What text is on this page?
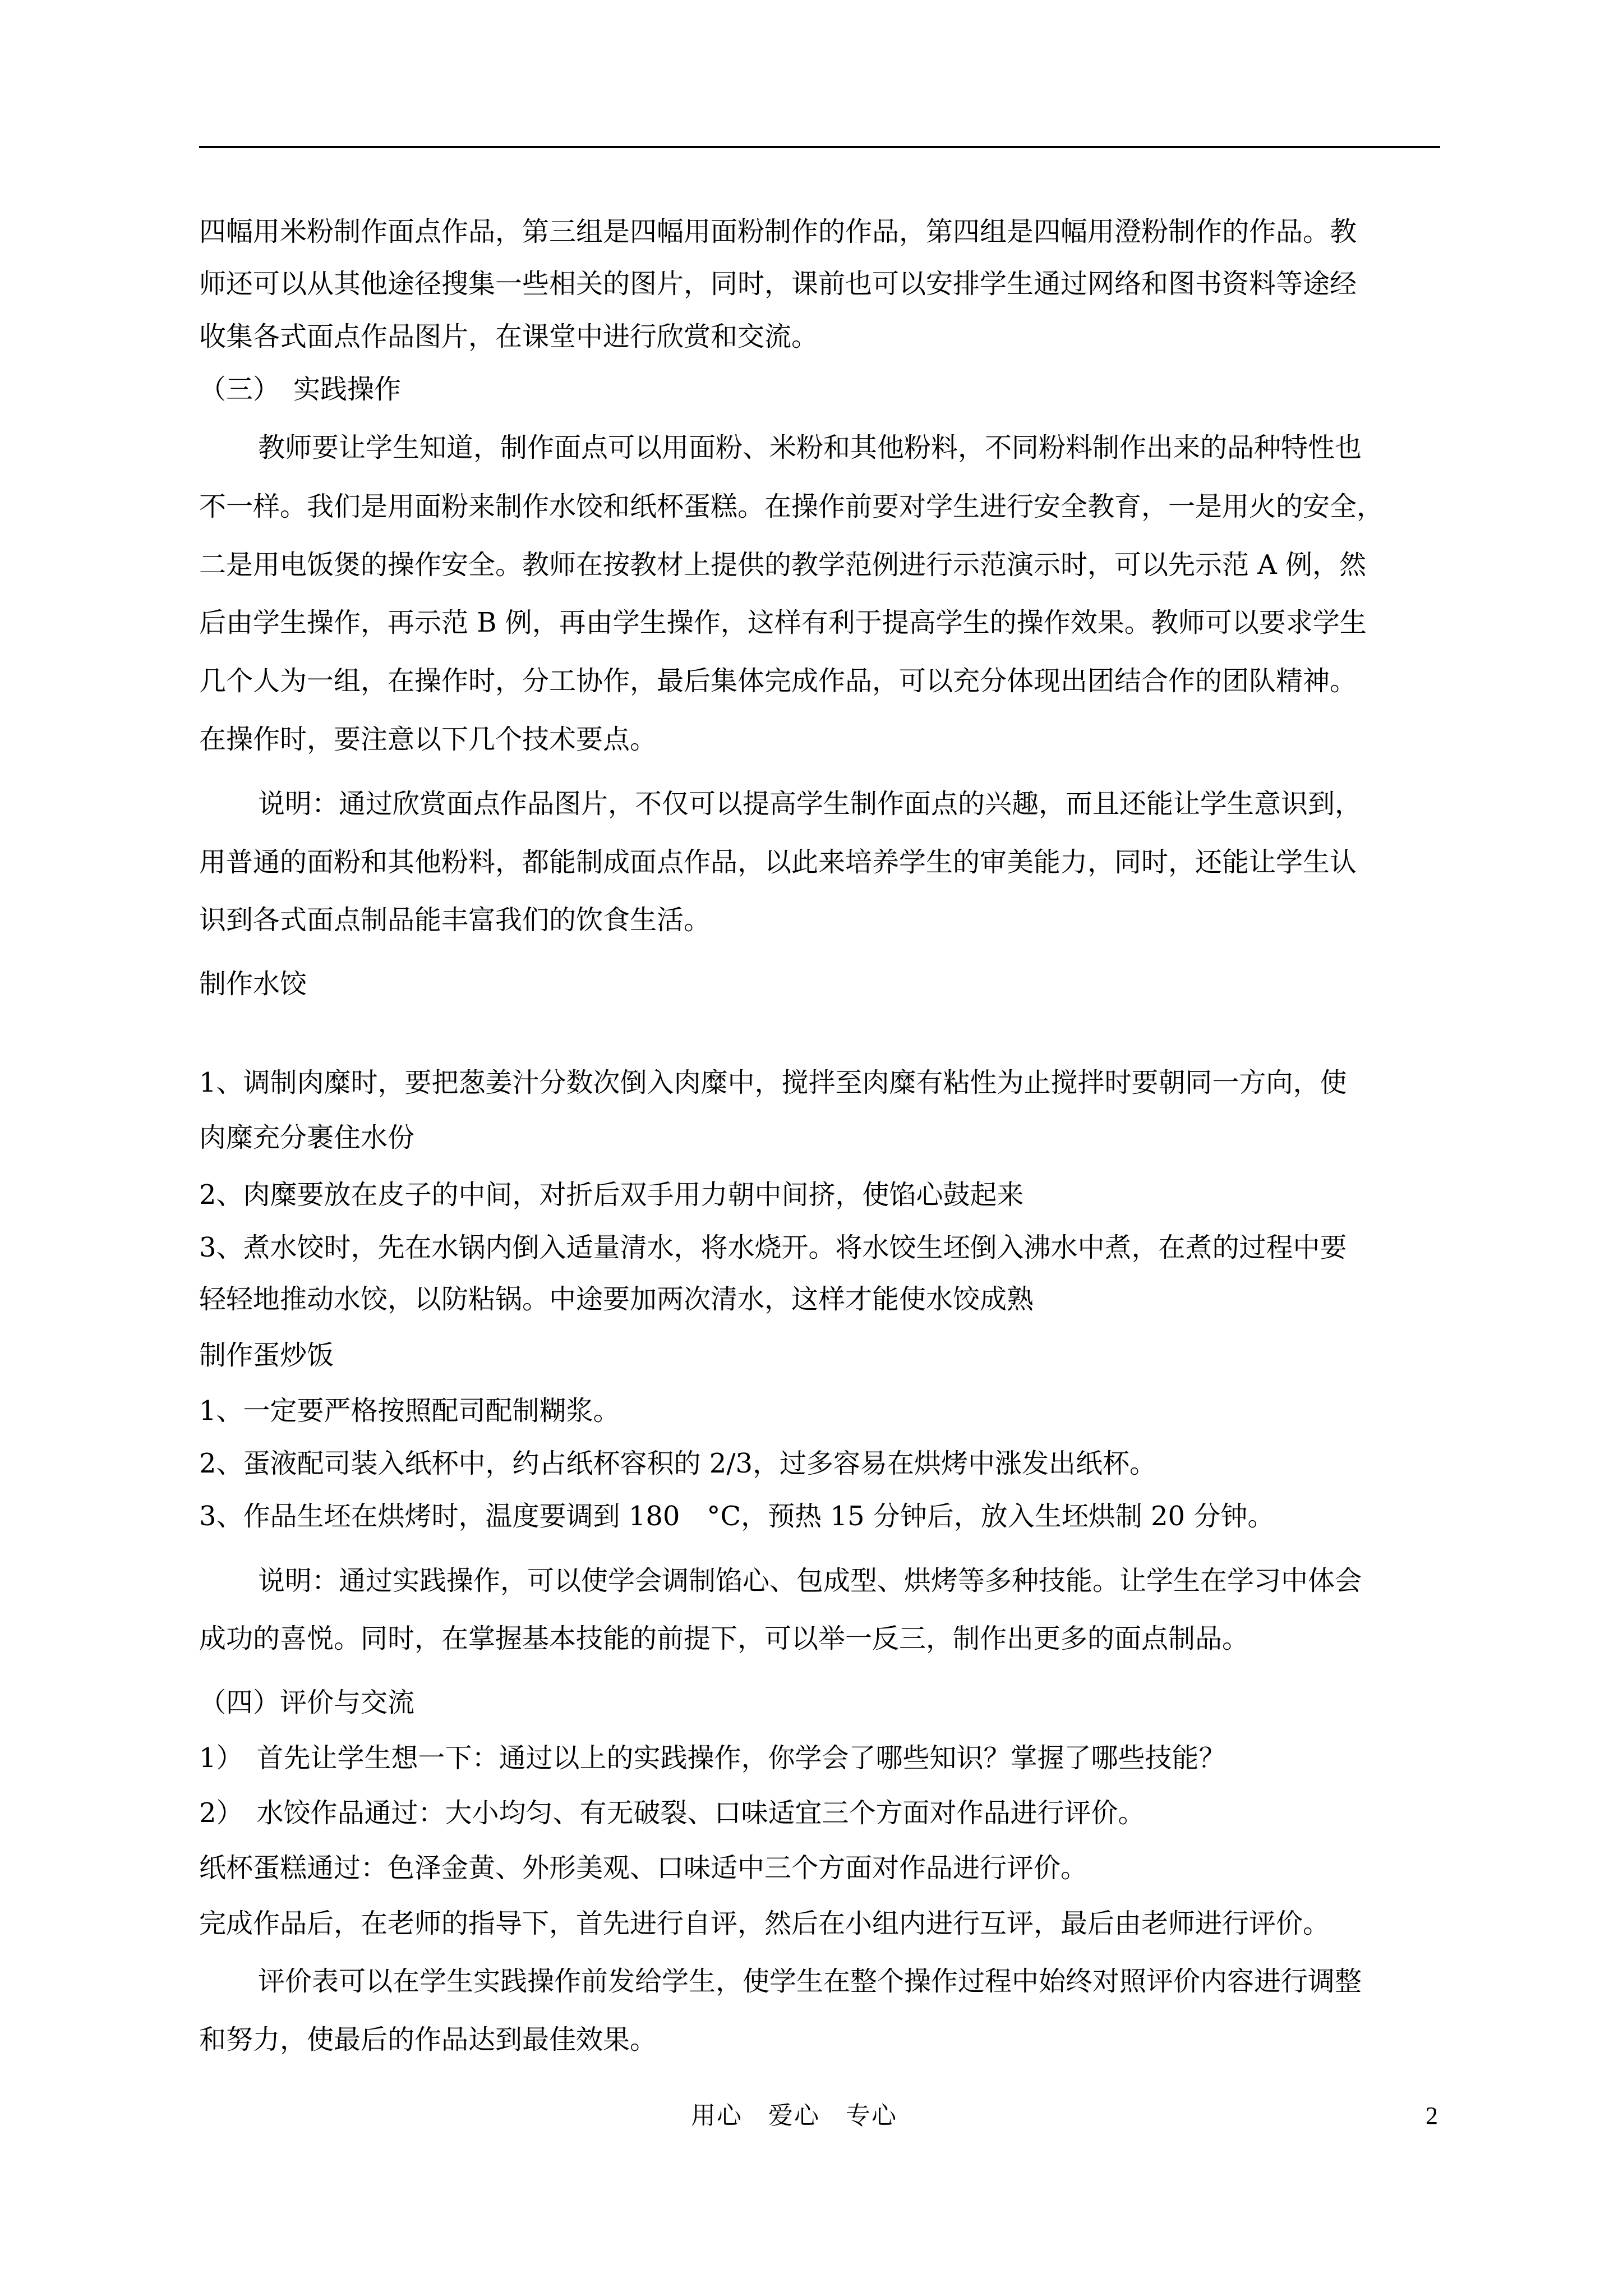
四幅用米粉制作面点作品，第三组是四幅用面粉制作的作品，第四组是四幅用澄粉制作的作品。教

师还可以从其他途径搜集一些相关的图片，同时，课前也可以安排学生通过网络和图书资料等途经

收集各式面点作品图片，在课堂中进行欣赏和交流。

（三）　实践操作

教师要让学生知道，制作面点可以用面粉、米粉和其他粉料，不同粉料制作出来的品种特性也

不一样。我们是用面粉来制作水饺和纸杯蛋糕。在操作前要对学生进行安全教育，一是用火的安全，

二是用电饭煲的操作安全。教师在按教材上提供的教学范例进行示范演示时，可以先示范 A 例，然

后由学生操作，再示范 B 例，再由学生操作，这样有利于提高学生的操作效果。教师可以要求学生

几个人为一组，在操作时，分工协作，最后集体完成作品，可以充分体现出团结合作的团队精神。

在操作时，要注意以下几个技术要点。

说明：通过欣赏面点作品图片，不仅可以提高学生制作面点的兴趣，而且还能让学生意识到，

用普通的面粉和其他粉料，都能制成面点作品，以此来培养学生的审美能力，同时，还能让学生认

识到各式面点制品能丰富我们的饮食生活。

制作水饺

1、调制肉糜时，要把葱姜汁分数次倒入肉糜中，搅拌至肉糜有粘性为止搅拌时要朝同一方向，使

肉糜充分裹住水份

2、肉糜要放在皮子的中间，对折后双手用力朝中间挤，使馅心鼓起来

3、煮水饺时，先在水锅内倒入适量清水，将水烧开。将水饺生坯倒入沸水中煮，在煮的过程中要

轻轻地推动水饺，以防粘锅。中途要加两次清水，这样才能使水饺成熟

制作蛋炒饭

1、一定要严格按照配司配制糊浆。

2、蛋液配司装入纸杯中，约占纸杯容积的 2/3，过多容易在烘烤中涨发出纸杯。

3、作品生坯在烘烤时，温度要调到 180　°C，预热 15 分钟后，放入生坯烘制 20 分钟。

说明：通过实践操作，可以使学会调制馅心、包成型、烘烤等多种技能。让学生在学习中体会

成功的喜悦。同时，在掌握基本技能的前提下，可以举一反三，制作出更多的面点制品。

（四）评价与交流

1）　首先让学生想一下：通过以上的实践操作，你学会了哪些知识？掌握了哪些技能？

2）　水饺作品通过：大小均匀、有无破裂、口味适宜三个方面对作品进行评价。

纸杯蛋糕通过：色泽金黄、外形美观、口味适中三个方面对作品进行评价。

完成作品后，在老师的指导下，首先进行自评，然后在小组内进行互评，最后由老师进行评价。

评价表可以在学生实践操作前发给学生，使学生在整个操作过程中始终对照评价内容进行调整

和努力，使最后的作品达到最佳效果。

用心　爱心　专心	2
